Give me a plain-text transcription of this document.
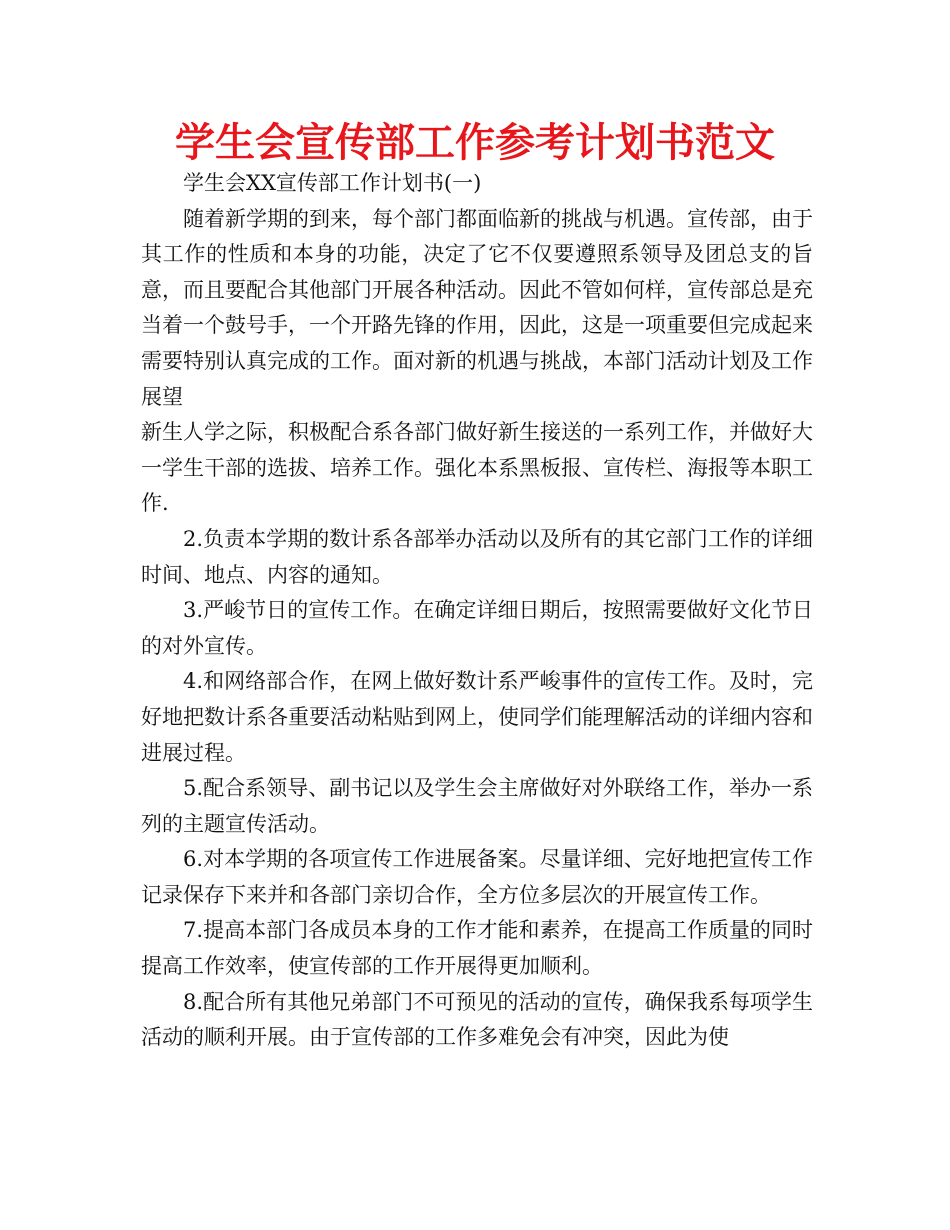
学生会宣传部工作参考计划书范文

学生会XX宣传部工作计划书(一)

随着新学期的到来，每个部门都面临新的挑战与机遇。宣传部，由于其工作的性质和本身的功能，决定了它不仅要遵照系领导及团总支的旨意，而且要配合其他部门开展各种活动。因此不管如何样，宣传部总是充当着一个鼓号手，一个开路先锋的作用，因此，这是一项重要但完成起来需要特别认真完成的工作。面对新的机遇与挑战，本部门活动计划及工作展望

新生人学之际，积极配合系各部门做好新生接送的一系列工作，并做好大一学生干部的选拔、培养工作。强化本系黑板报、宣传栏、海报等本职工作.

2.负责本学期的数计系各部举办活动以及所有的其它部门工作的详细时间、地点、内容的通知。

3.严峻节日的宣传工作。在确定详细日期后，按照需要做好文化节日的对外宣传。

4.和网络部合作，在网上做好数计系严峻事件的宣传工作。及时，完好地把数计系各重要活动粘贴到网上，使同学们能理解活动的详细内容和进展过程。

5.配合系领导、副书记以及学生会主席做好对外联络工作，举办一系列的主题宣传活动。

6.对本学期的各项宣传工作进展备案。尽量详细、完好地把宣传工作记录保存下来并和各部门亲切合作，全方位多层次的开展宣传工作。

7.提高本部门各成员本身的工作才能和素养，在提高工作质量的同时提高工作效率，使宣传部的工作开展得更加顺利。

8.配合所有其他兄弟部门不可预见的活动的宣传，确保我系每项学生活动的顺利开展。由于宣传部的工作多难免会有冲突，因此为使
